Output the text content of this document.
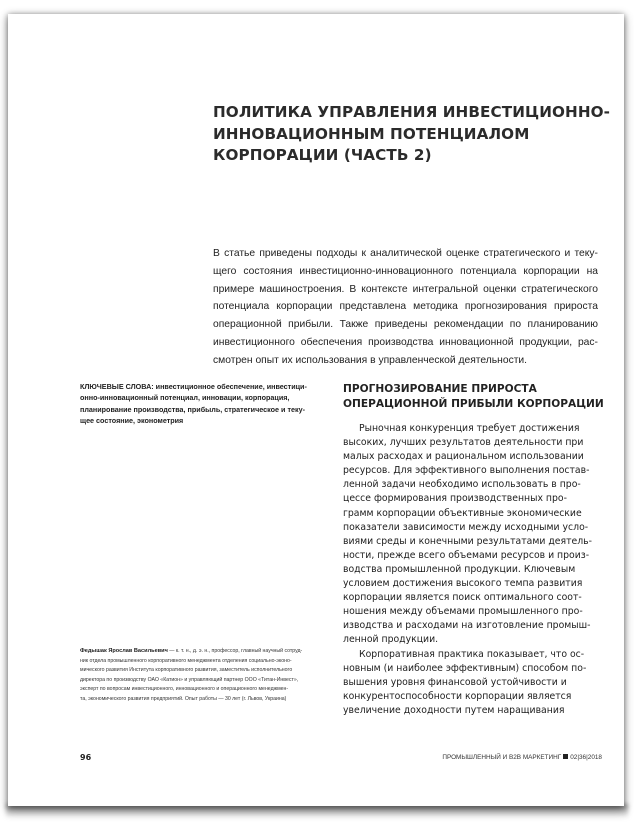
ПОЛИТИКА УПРАВЛЕНИЯ ИНВЕСТИЦИОННО-
ИННОВАЦИОННЫМ ПОТЕНЦИАЛОМ
КОРПОРАЦИИ (ЧАСТЬ 2)
В статье приведены подходы к аналитической оценке стратегического и теку-
щего состояния инвестиционно-инновационного потенциала корпорации на
примере машиностроения. В контексте интегральной оценки стратегического
потенциала корпорации представлена методика прогнозирования прироста
операционной прибыли. Также приведены рекомендации по планированию
инвестиционного обеспечения производства инновационной продукции, рас-
смотрен опыт их использования в управленческой деятельности.
КЛЮЧЕВЫЕ СЛОВА: инвестиционное обеспечение, инвестици-
онно-инновационный потенциал, инновации, корпорация,
планирование производства, прибыль, стратегическое и теку-
щее состояние, эконометрия
Федышак Ярослав Васильевич — к. т. н., д. э. н., профессор, главный научный сотруд-
ник отдела промышленного корпоративного менеджмента отделения социально-эконо-
мического развития Института корпоративного развития, заместитель исполнительного
директора по производству ОАО «Катион» и управляющий партнер ООО «Титан-Инвест»,
эксперт по вопросам инвестиционного, инновационного и операционного менеджмен-
та, экономического развития предприятий. Опыт работы — 30 лет (г. Львов, Украина)
ПРОГНОЗИРОВАНИЕ ПРИРОСТА
ОПЕРАЦИОННОЙ ПРИБЫЛИ КОРПОРАЦИИ
Рыночная конкуренция требует достижения
высоких, лучших результатов деятельности при
малых расходах и рациональном использовании
ресурсов. Для эффективного выполнения постав-
ленной задачи необходимо использовать в про-
цессе формирования производственных про-
грамм корпорации объективные экономические
показатели зависимости между исходными усло-
виями среды и конечными результатами деятель-
ности, прежде всего объемами ресурсов и произ-
водства промышленной продукции. Ключевым
условием достижения высокого темпа развития
корпорации является поиск оптимального соот-
ношения между объемами промышленного про-
изводства и расходами на изготовление промыш-
ленной продукции.
Корпоративная практика показывает, что ос-
новным (и наиболее эффективным) способом по-
вышения уровня финансовой устойчивости и
конкурентоспособности корпорации является
увеличение доходности путем наращивания
96	ПРОМЫШЛЕННЫЙ И B2B МАРКЕТИНГ 02|36|2018
